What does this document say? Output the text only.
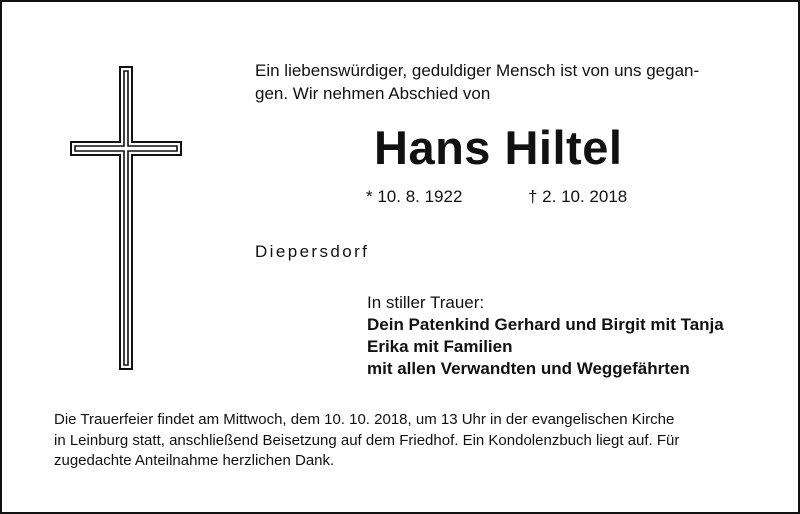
Ein liebenswürdiger, geduldiger Mensch ist von uns gegan-
gen. Wir nehmen Abschied von
Hans Hiltel
* 10. 8. 1922	† 2. 10. 2018
Diepersdorf
In stiller Trauer:
Dein Patenkind Gerhard und Birgit mit Tanja
Erika mit Familien
mit allen Verwandten und Weggefährten
Die Trauerfeier findet am Mittwoch, dem 10. 10. 2018, um 13 Uhr in der evangelischen Kirche
in Leinburg statt, anschließend Beisetzung auf dem Friedhof. Ein Kondolenzbuch liegt auf. Für
zugedachte Anteilnahme herzlichen Dank.
